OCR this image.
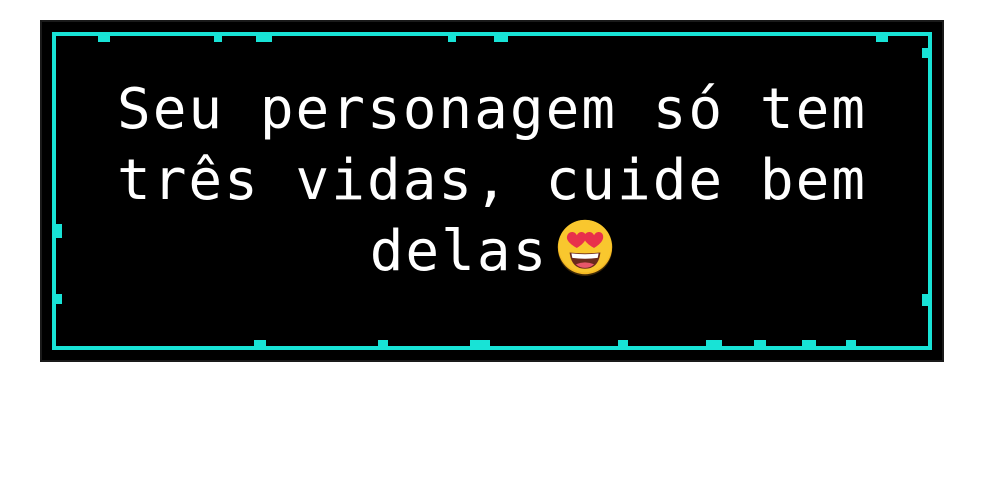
Seu personagem só tem
três vidas, cuide bem
delas
